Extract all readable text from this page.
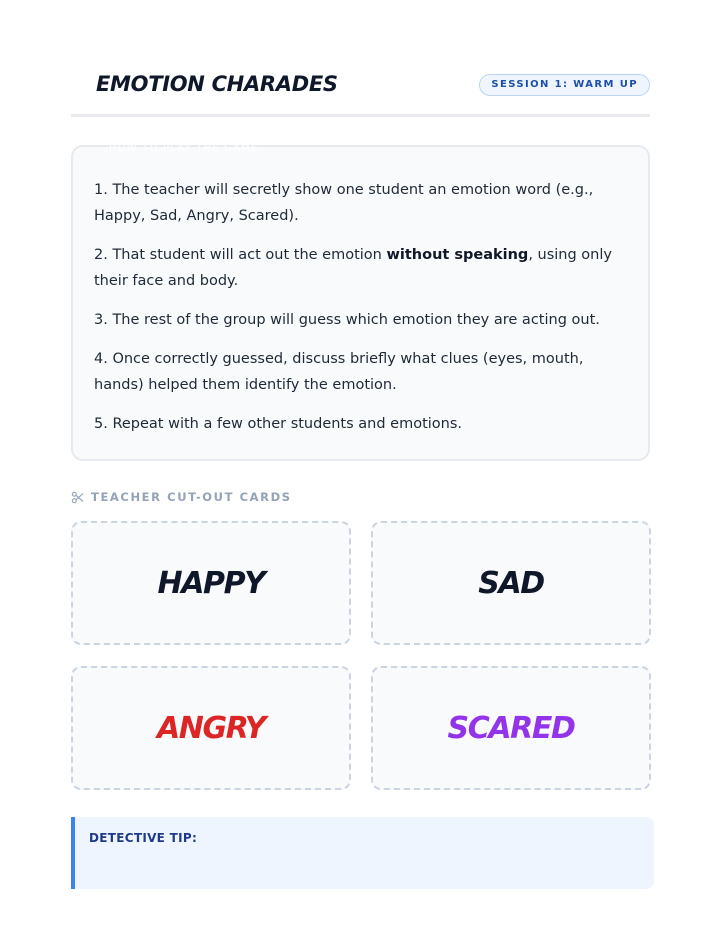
EMOTION CHARADES	SESSION 1: WARM UP
HOW TO PLAY THE GAME
1. The teacher will secretly show one student an emotion word (e.g., Happy, Sad, Angry, Scared).
2. That student will act out the emotion without speaking, using only their face and body.
3. The rest of the group will guess which emotion they are acting out.
4. Once correctly guessed, discuss briefly what clues (eyes, mouth, hands) helped them identify the emotion.
5. Repeat with a few other students and emotions.
TEACHER CUT-OUT CARDS
HAPPY	SAD
ANGRY	SCARED
DETECTIVE TIP:
